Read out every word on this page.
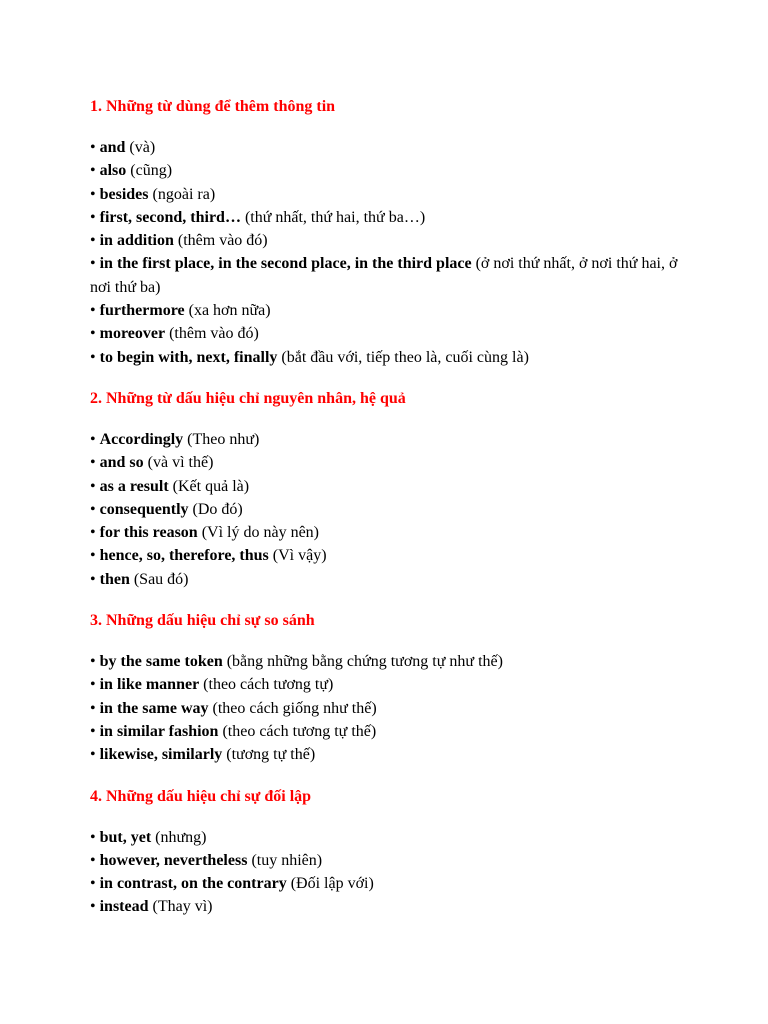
1. Những từ dùng để thêm thông tin
• and (và)
• also (cũng)
• besides (ngoài ra)
• first, second, third… (thứ nhất, thứ hai, thứ ba…)
• in addition (thêm vào đó)
• in the first place, in the second place, in the third place (ở nơi thứ nhất, ở nơi thứ hai, ở nơi thứ ba)
• furthermore (xa hơn nữa)
• moreover (thêm vào đó)
• to begin with, next, finally (bắt đầu với, tiếp theo là, cuối cùng là)
2. Những từ dấu hiệu chỉ nguyên nhân, hệ quả
• Accordingly (Theo như)
• and so (và vì thế)
• as a result (Kết quả là)
• consequently (Do đó)
• for this reason (Vì lý do này nên)
• hence, so, therefore, thus (Vì vậy)
• then (Sau đó)
3. Những dấu hiệu chỉ sự so sánh
• by the same token (bằng những bằng chứng tương tự như thế)
• in like manner (theo cách tương tự)
• in the same way (theo cách giống như thế)
• in similar fashion (theo cách tương tự thế)
• likewise, similarly (tương tự thế)
4. Những dấu hiệu chỉ sự đối lập
• but, yet (nhưng)
• however, nevertheless (tuy nhiên)
• in contrast, on the contrary (Đối lập với)
• instead (Thay vì)
